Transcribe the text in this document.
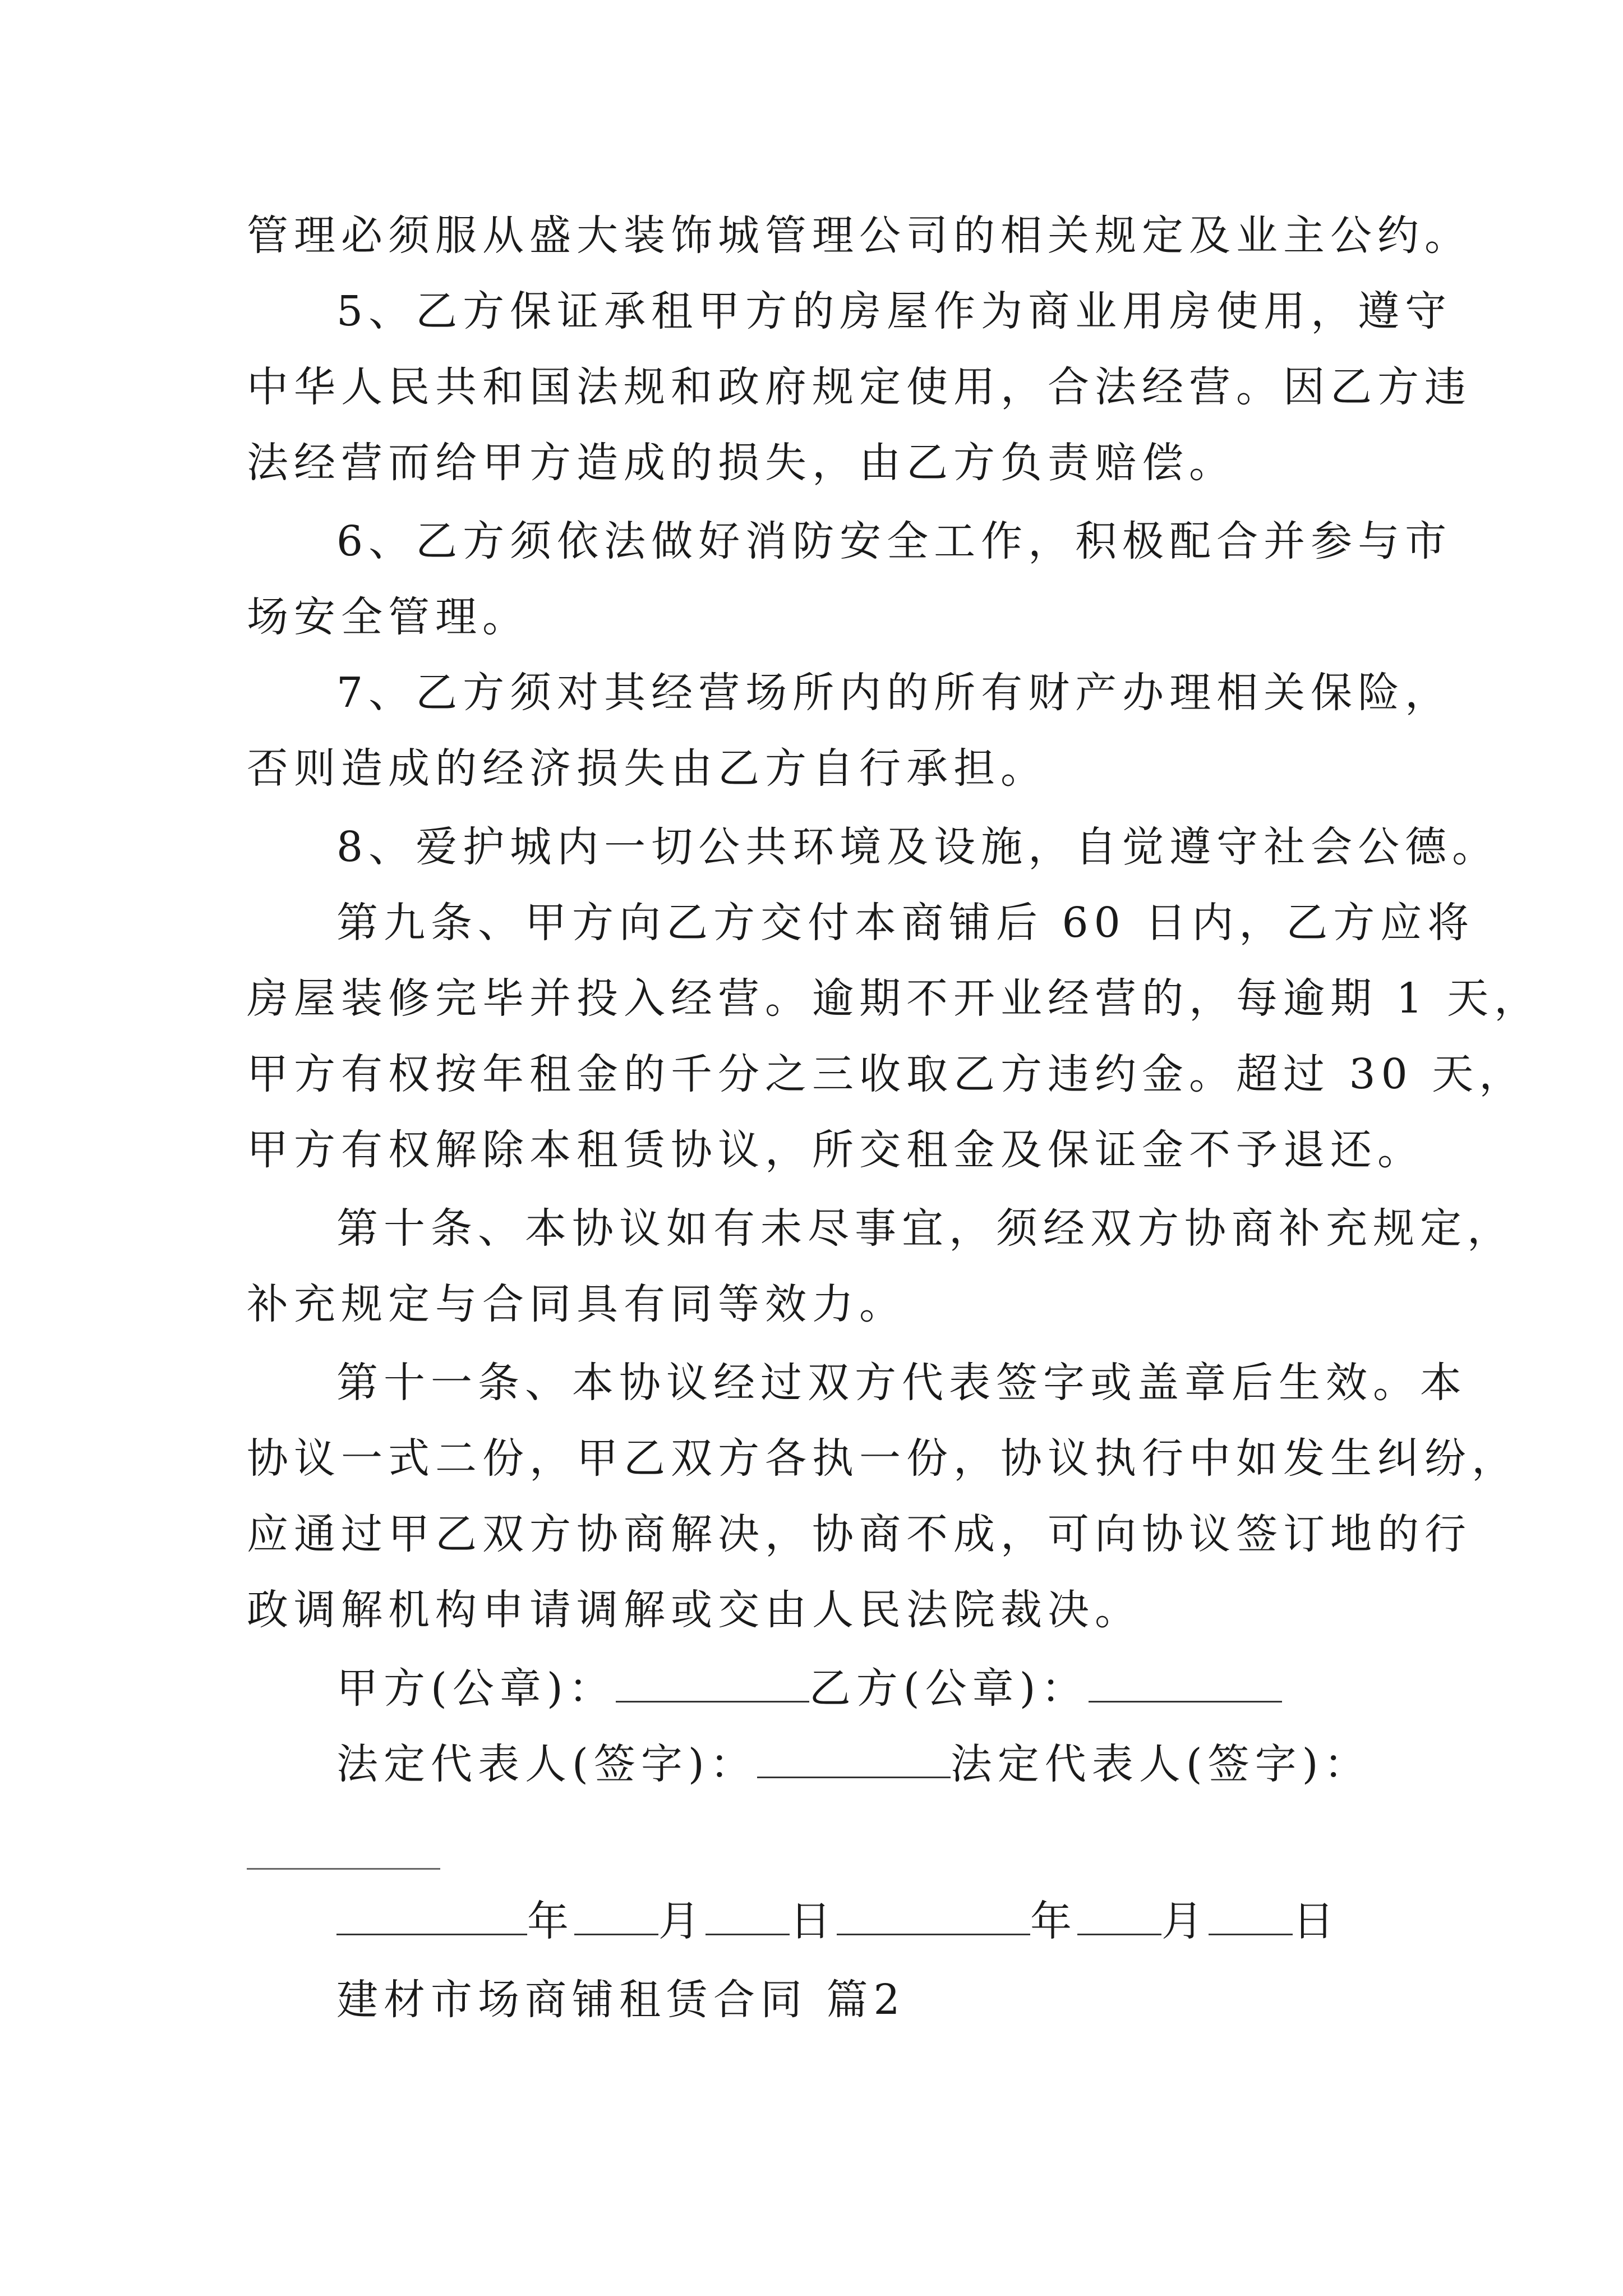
管理必须服从盛大装饰城管理公司的相关规定及业主公约。

5、乙方保证承租甲方的房屋作为商业用房使用，遵守

中华人民共和国法规和政府规定使用，合法经营。因乙方违

法经营而给甲方造成的损失，由乙方负责赔偿。

6、乙方须依法做好消防安全工作，积极配合并参与市

场安全管理。

7、乙方须对其经营场所内的所有财产办理相关保险，

否则造成的经济损失由乙方自行承担。

8、爱护城内一切公共环境及设施，自觉遵守社会公德。

第九条、甲方向乙方交付本商铺后 60 日内，乙方应将

房屋装修完毕并投入经营。逾期不开业经营的，每逾期 1 天，

甲方有权按年租金的千分之三收取乙方违约金。超过 30 天，

甲方有权解除本租赁协议，所交租金及保证金不予退还。

第十条、本协议如有未尽事宜，须经双方协商补充规定，

补充规定与合同具有同等效力。

第十一条、本协议经过双方代表签字或盖章后生效。本

协议一式二份，甲乙双方各执一份，协议执行中如发生纠纷，

应通过甲乙双方协商解决，协商不成，可向协议签订地的行

政调解机构申请调解或交由人民法院裁决。

甲方(公章)：	乙方(公章)：

法定代表人(签字)：	法定代表人(签字)：

年 月 日	年 月 日

建材市场商铺租赁合同 篇2
